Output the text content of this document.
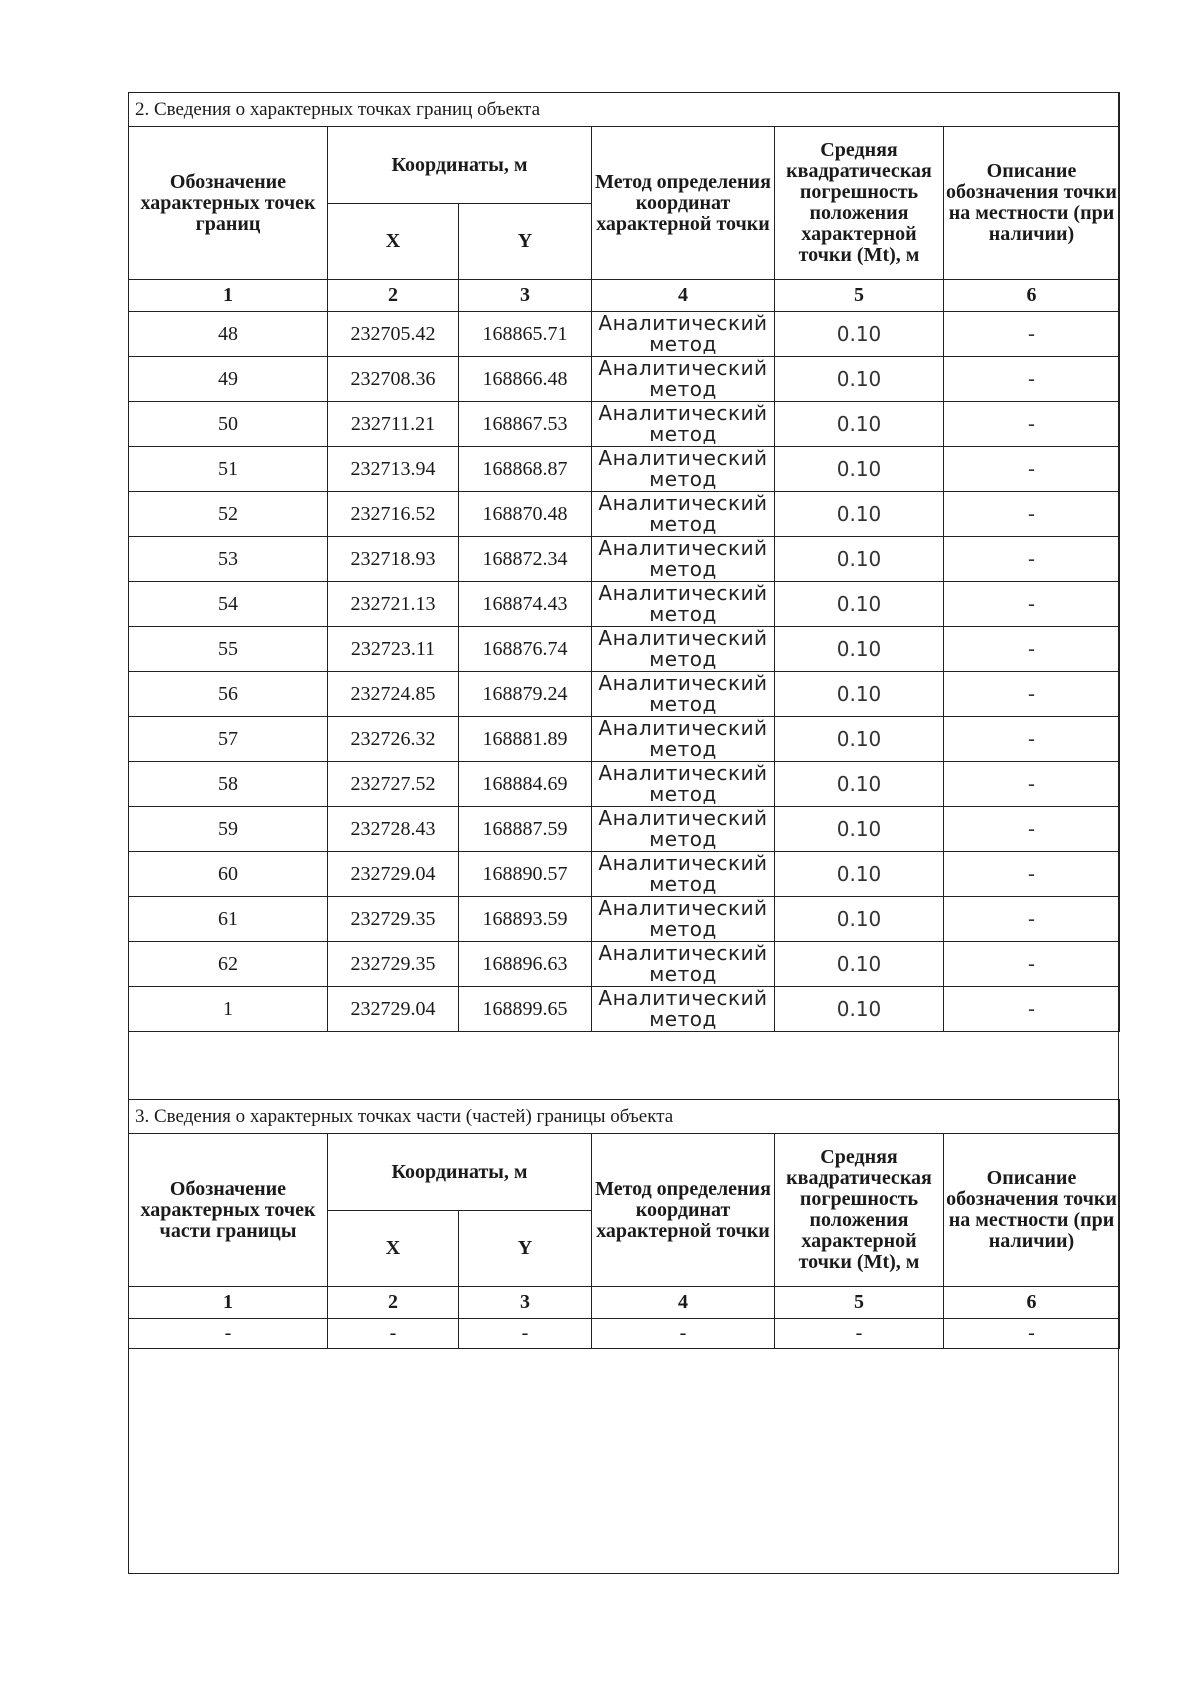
2. Сведения о характерных точках границ объекта					
Обозначение характерных точек границ	Координаты, м		Метод определения координат характерной точки	Средняя квадратическая погрешность положения характерной точки (Mt), м	Описание обозначения точки на местности (при наличии)
	X	Y			
1	2	3	4	5	6
48	232705.42	168865.71	Аналитический метод	0.10	-
49	232708.36	168866.48	Аналитический метод	0.10	-
50	232711.21	168867.53	Аналитический метод	0.10	-
51	232713.94	168868.87	Аналитический метод	0.10	-
52	232716.52	168870.48	Аналитический метод	0.10	-
53	232718.93	168872.34	Аналитический метод	0.10	-
54	232721.13	168874.43	Аналитический метод	0.10	-
55	232723.11	168876.74	Аналитический метод	0.10	-
56	232724.85	168879.24	Аналитический метод	0.10	-
57	232726.32	168881.89	Аналитический метод	0.10	-
58	232727.52	168884.69	Аналитический метод	0.10	-
59	232728.43	168887.59	Аналитический метод	0.10	-
60	232729.04	168890.57	Аналитический метод	0.10	-
61	232729.35	168893.59	Аналитический метод	0.10	-
62	232729.35	168896.63	Аналитический метод	0.10	-
1	232729.04	168899.65	Аналитический метод	0.10	-
3. Сведения о характерных точках части (частей) границы объекта					
Обозначение характерных точек части границы	Координаты, м		Метод определения координат характерной точки	Средняя квадратическая погрешность положения характерной точки (Mt), м	Описание обозначения точки на местности (при наличии)
	X	Y			
1	2	3	4	5	6
-	-	-	-	-	-
